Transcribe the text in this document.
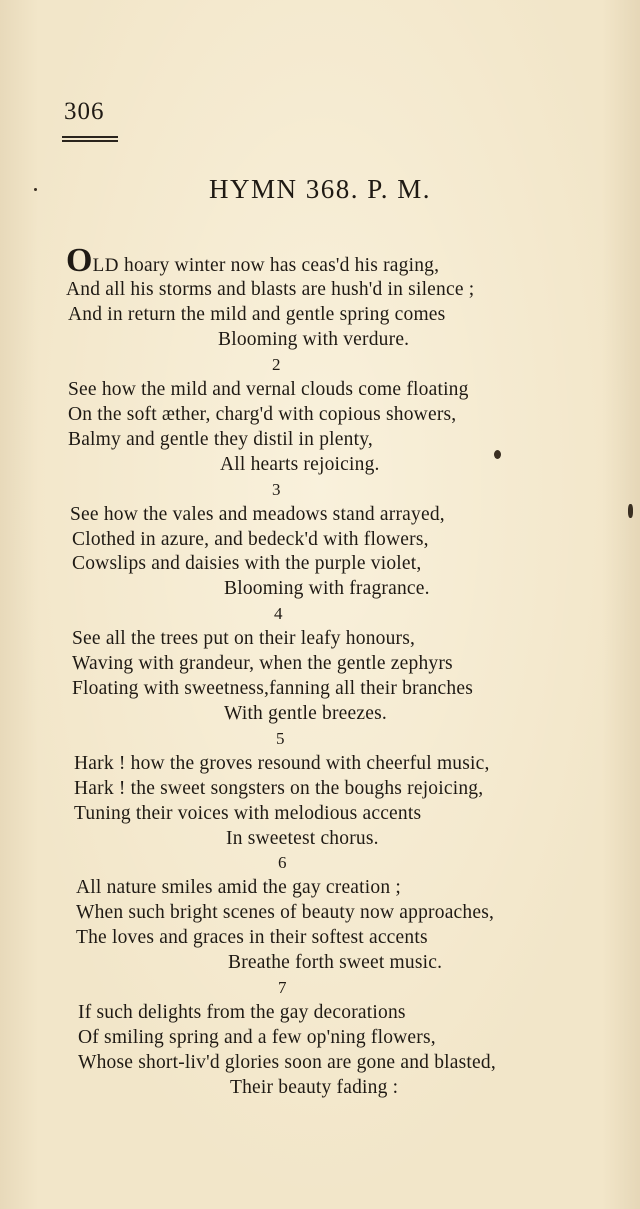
306
HYMN 368. P. M.
OLD hoary winter now has ceas'd his raging,
And all his storms and blasts are hush'd in silence ;
And in return the mild and gentle spring comes
Blooming with verdure.
2
See how the mild and vernal clouds come floating
On the soft æther, charg'd with copious showers,
Balmy and gentle they distil in plenty,
All hearts rejoicing.
3
See how the vales and meadows stand arrayed,
Clothed in azure, and bedeck'd with flowers,
Cowslips and daisies with the purple violet,
Blooming with fragrance.
4
See all the trees put on their leafy honours,
Waving with grandeur, when the gentle zephyrs
Floating with sweetness,fanning all their branches
With gentle breezes.
5
Hark ! how the groves resound with cheerful music,
Hark ! the sweet songsters on the boughs rejoicing,
Tuning their voices with melodious accents
In sweetest chorus.
6
All nature smiles amid the gay creation ;
When such bright scenes of beauty now approaches,
The loves and graces in their softest accents
Breathe forth sweet music.
7
If such delights from the gay decorations
Of smiling spring and a few op'ning flowers,
Whose short-liv'd glories soon are gone and blasted,
Their beauty fading :
